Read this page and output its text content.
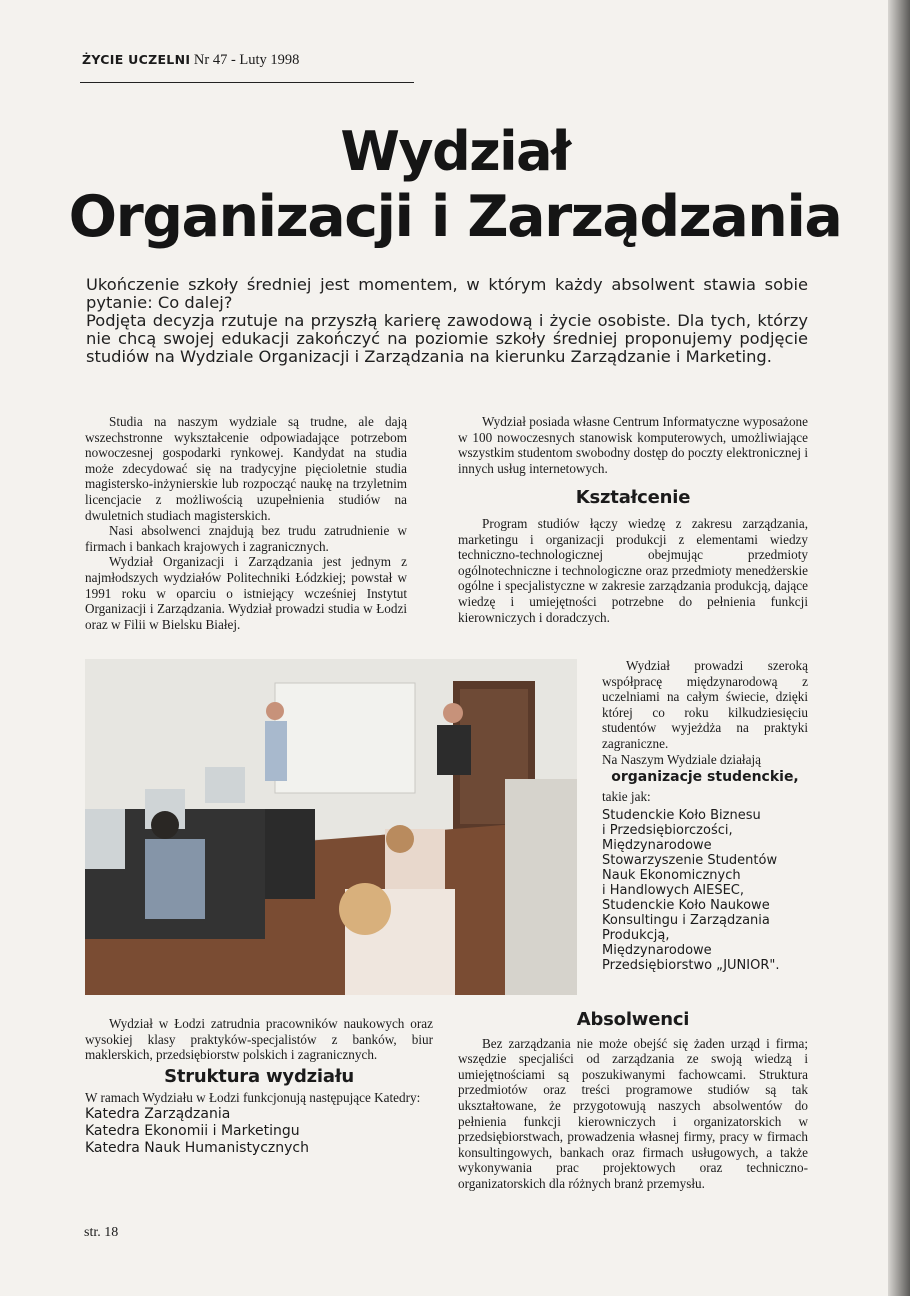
ŻYCIE UCZELNI Nr 47 - Luty 1998
Wydział
Organizacji i Zarządzania

Ukończenie szkoły średniej jest momentem, w którym każdy absolwent stawia sobie pytanie: Co dalej?

Podjęta decyzja rzutuje na przyszłą karierę zawodową i życie osobiste. Dla tych, którzy nie chcą swojej edukacji zakończyć na poziomie szkoły średniej proponujemy podjęcie studiów na Wydziale Organizacji i Zarządzania na kierunku Zarządzanie i Marketing.

Studia na naszym wydziale są trudne, ale dają wszechstronne wykształcenie odpowiadające potrzebom nowoczesnej gospodarki rynkowej. Kandydat na studia może zdecydować się na tradycyjne pięcioletnie studia magistersko-inżynierskie lub rozpocząć naukę na trzyletnim licencjacie z możliwością uzupełnienia studiów na dwuletnich studiach magisterskich.

Nasi absolwenci znajdują bez trudu zatrudnienie w firmach i bankach krajowych i zagranicznych.

Wydział Organizacji i Zarządzania jest jednym z najmłodszych wydziałów Politechniki Łódzkiej; powstał w 1991 roku w oparciu o istniejący wcześniej Instytut Organizacji i Zarządzania. Wydział prowadzi studia w Łodzi oraz w Filii w Bielsku Białej.

Wydział w Łodzi zatrudnia pracowników naukowych oraz wysokiej klasy praktyków-specjalistów z banków, biur maklerskich, przedsiębiorstw polskich i zagranicznych.

Struktura wydziału

W ramach Wydziału w Łodzi funkcjonują następujące Katedry:

Katedra Zarządzania
Katedra Ekonomii i Marketingu
Katedra Nauk Humanistycznych

Wydział posiada własne Centrum Informatyczne wyposażone w 100 nowoczesnych stanowisk komputerowych, umożliwiające wszystkim studentom swobodny dostęp do poczty elektronicznej i innych usług internetowych.

Kształcenie

Program studiów łączy wiedzę z zakresu zarządzania, marketingu i organizacji produkcji z elementami wiedzy techniczno-technologicznej obejmując przedmioty ogólnotechniczne i technologiczne oraz przedmioty menedżerskie ogólne i specjalistyczne w zakresie zarządzania produkcją, dające wiedzę i umiejętności potrzebne do pełnienia funkcji kierowniczych i doradczych.

Wydział prowadzi szeroką współpracę międzynarodową z uczelniami na całym świecie, dzięki której co roku kilkudziesięciu studentów wyjeżdża na praktyki zagraniczne.

Na Naszym Wydziale działają

organizacje studenckie,

takie jak:

Studenckie Koło Biznesu
i Przedsiębiorczości,
Międzynarodowe
Stowarzyszenie Studentów
Nauk Ekonomicznych
i Handlowych AIESEC,
Studenckie Koło Naukowe
Konsultingu i Zarządzania
Produkcją,
Międzynarodowe
Przedsiębiorstwo „JUNIOR".
Absolwenci

Bez zarządzania nie może obejść się żaden urząd i firma; wszędzie specjaliści od zarządzania ze swoją wiedzą i umiejętnościami są poszukiwanymi fachowcami. Struktura przedmiotów oraz treści programowe studiów są tak ukształtowane, że przygotowują naszych absolwentów do pełnienia funkcji kierowniczych i organizatorskich w przedsiębiorstwach, prowadzenia własnej firmy, pracy w firmach konsultingowych, bankach oraz firmach usługowych, a także wykonywania prac projektowych oraz techniczno-organizatorskich dla różnych branż przemysłu.

str. 18
